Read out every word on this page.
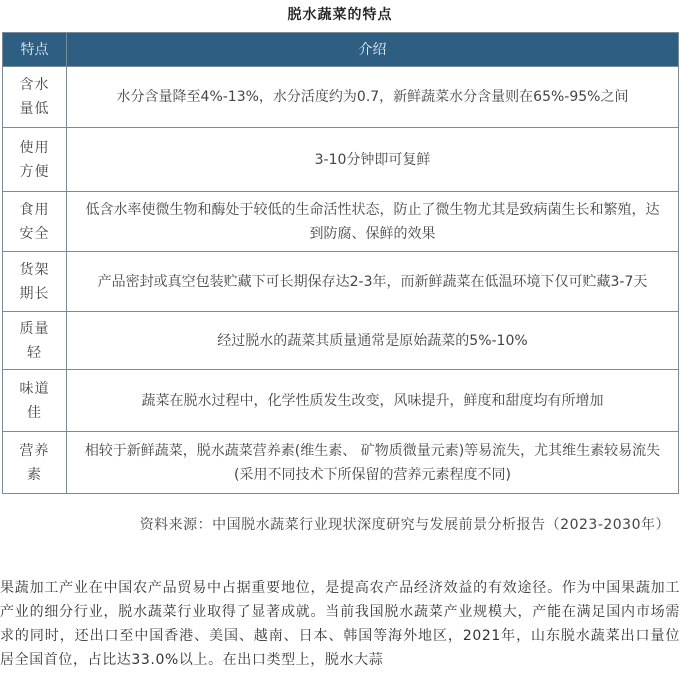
脱水蔬菜的特点
特点	介绍
含水量低	水分含量降至4%-13%，水分活度约为0.7，新鲜蔬菜水分含量则在65%-95%之间
使用方便	3-10分钟即可复鲜
食用安全	低含水率使微生物和酶处于较低的生命活性状态，防止了微生物尤其是致病菌生长和繁殖，达到防腐、保鲜的效果
货架期长	产品密封或真空包装贮藏下可长期保存达2-3年，而新鲜蔬菜在低温环境下仅可贮藏3-7天
质量轻	经过脱水的蔬菜其质量通常是原始蔬菜的5%-10%
味道佳	蔬菜在脱水过程中，化学性质发生改变，风味提升，鲜度和甜度均有所增加
营养素	相较于新鲜蔬菜，脱水蔬菜营养素(维生素、 矿物质微量元素)等易流失，尤其维生素较易流失(采用不同技术下所保留的营养元素程度不同)
资料来源：中国脱水蔬菜行业现状深度研究与发展前景分析报告（2023-2030年）
果蔬加工产业在中国农产品贸易中占据重要地位，是提高农产品经济效益的有效途径。作为中国果蔬加工产业的细分行业，脱水蔬菜行业取得了显著成就。当前我国脱水蔬菜产业规模大，产能在满足国内市场需求的同时，还出口至中国香港、美国、越南、日本、韩国等海外地区，2021年，山东脱水蔬菜出口量位居全国首位，占比达33.0%以上。在出口类型上，脱水大蒜
